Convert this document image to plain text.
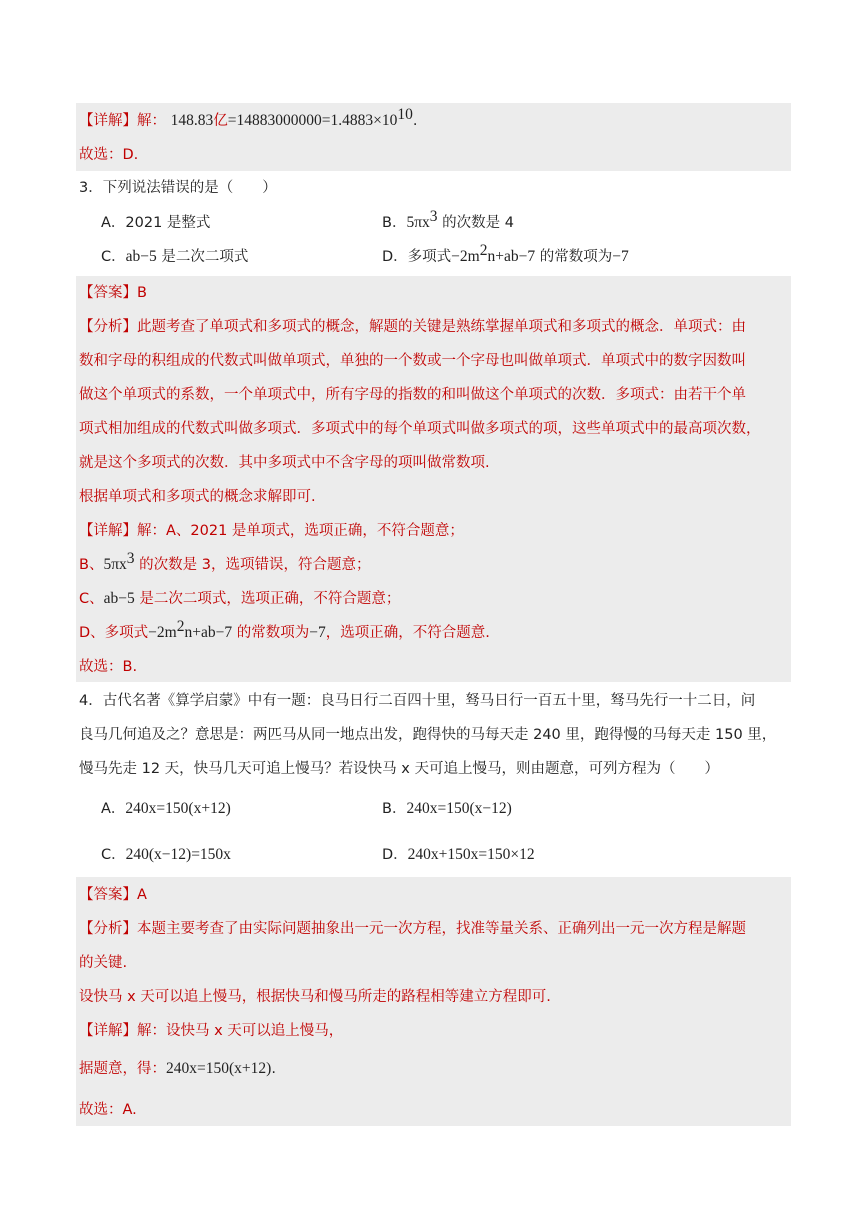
【详解】解： 148.83亿$=14883000000=1.4883\times 10^{10}$.
故选：D.
3．下列说法错误的是（　　）
A．2021 是整式	B．$5\pi x^3$ 的次数是 4
C．ab−5 是二次二项式	D．多项式$-2m^2n+ab-7$ 的常数项为−7
【答案】B
【分析】此题考查了单项式和多项式的概念，解题的关键是熟练掌握单项式和多项式的概念．单项式：由
数和字母的积组成的代数式叫做单项式，单独的一个数或一个字母也叫做单项式．单项式中的数字因数叫
做这个单项式的系数，一个单项式中，所有字母的指数的和叫做这个单项式的次数．多项式：由若干个单
项式相加组成的代数式叫做多项式．多项式中的每个单项式叫做多项式的项，这些单项式中的最高项次数，
就是这个多项式的次数．其中多项式中不含字母的项叫做常数项.
根据单项式和多项式的概念求解即可.
【详解】解：A、2021 是单项式，选项正确，不符合题意；
B、$5\pi x^3$ 的次数是 3，选项错误，符合题意；
C、ab−5 是二次二项式，选项正确，不符合题意；
D、多项式$-2m^2n+ab-7$ 的常数项为−7，选项正确，不符合题意.
故选：B.
4．古代名著《算学启蒙》中有一题：良马日行二百四十里，驽马日行一百五十里，驽马先行一十二日，问
良马几何追及之？意思是：两匹马从同一地点出发，跑得快的马每天走 240 里，跑得慢的马每天走 150 里，
慢马先走 12 天，快马几天可追上慢马？若设快马 x 天可追上慢马，则由题意，可列方程为（　　）
A．240x=150(x+12)	B．240x=150(x−12)
C．240(x−12)=150x	D．240x+150x=150×12
【答案】A
【分析】本题主要考查了由实际问题抽象出一元一次方程，找准等量关系、正确列出一元一次方程是解题
的关键.
设快马 x 天可以追上慢马，根据快马和慢马所走的路程相等建立方程即可.
【详解】解：设快马 x 天可以追上慢马，
据题意，得：240x=150(x+12).
故选：A.
